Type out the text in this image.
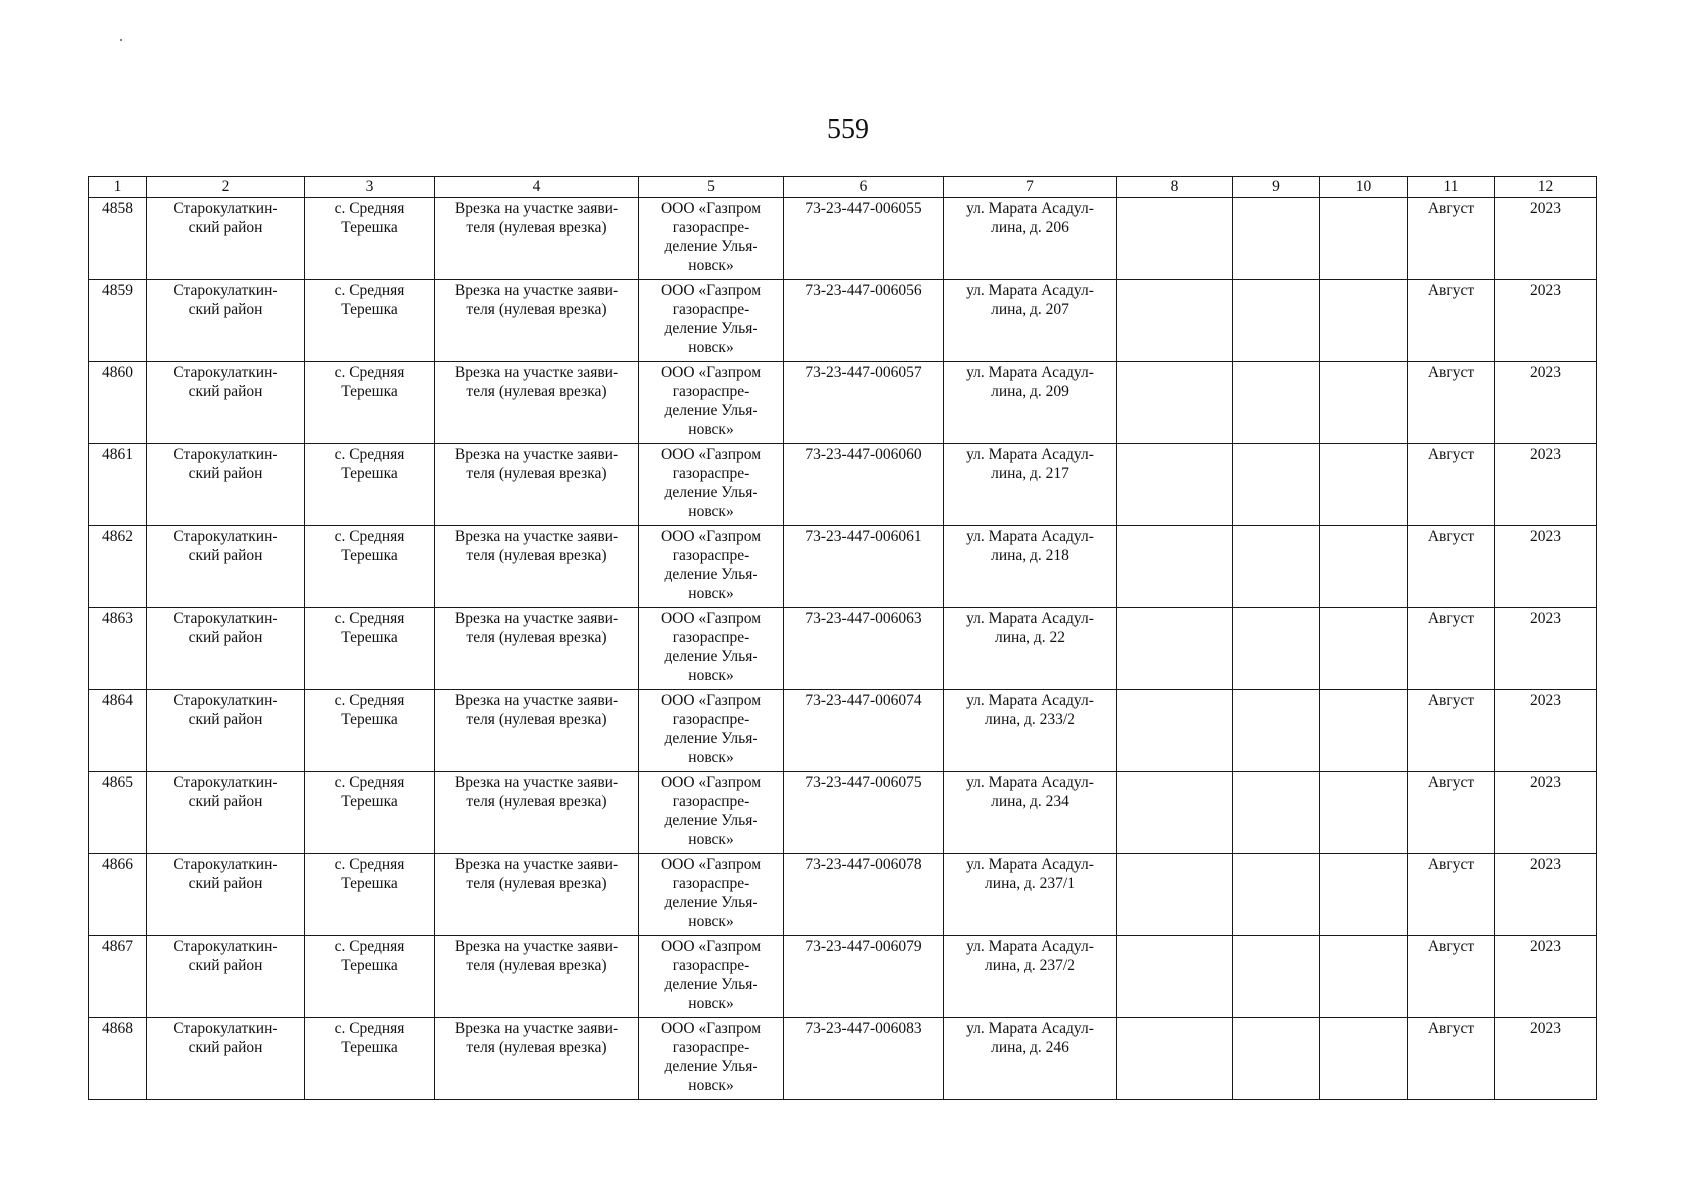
559
1	2	3	4	5	6	7	8	9	10	11	12

4858	Старокулаткин-
ский район	с. Средняя
Терешка	Врезка на участке заяви-
теля (нулевая врезка)	ООО «Газпром
газораспре-
деление Улья-
новск»	73-23-447-006055	ул. Марата Асадул-
лина, д. 206				Август	2023

4859	Старокулаткин-
ский район	с. Средняя
Терешка	Врезка на участке заяви-
теля (нулевая врезка)	ООО «Газпром
газораспре-
деление Улья-
новск»	73-23-447-006056	ул. Марата Асадул-
лина, д. 207				Август	2023

4860	Старокулаткин-
ский район	с. Средняя
Терешка	Врезка на участке заяви-
теля (нулевая врезка)	ООО «Газпром
газораспре-
деление Улья-
новск»	73-23-447-006057	ул. Марата Асадул-
лина, д. 209				Август	2023

4861	Старокулаткин-
ский район	с. Средняя
Терешка	Врезка на участке заяви-
теля (нулевая врезка)	ООО «Газпром
газораспре-
деление Улья-
новск»	73-23-447-006060	ул. Марата Асадул-
лина, д. 217				Август	2023

4862	Старокулаткин-
ский район	с. Средняя
Терешка	Врезка на участке заяви-
теля (нулевая врезка)	ООО «Газпром
газораспре-
деление Улья-
новск»	73-23-447-006061	ул. Марата Асадул-
лина, д. 218				Август	2023

4863	Старокулаткин-
ский район	с. Средняя
Терешка	Врезка на участке заяви-
теля (нулевая врезка)	ООО «Газпром
газораспре-
деление Улья-
новск»	73-23-447-006063	ул. Марата Асадул-
лина, д. 22				Август	2023

4864	Старокулаткин-
ский район	с. Средняя
Терешка	Врезка на участке заяви-
теля (нулевая врезка)	ООО «Газпром
газораспре-
деление Улья-
новск»	73-23-447-006074	ул. Марата Асадул-
лина, д. 233/2				Август	2023

4865	Старокулаткин-
ский район	с. Средняя
Терешка	Врезка на участке заяви-
теля (нулевая врезка)	ООО «Газпром
газораспре-
деление Улья-
новск»	73-23-447-006075	ул. Марата Асадул-
лина, д. 234				Август	2023

4866	Старокулаткин-
ский район	с. Средняя
Терешка	Врезка на участке заяви-
теля (нулевая врезка)	ООО «Газпром
газораспре-
деление Улья-
новск»	73-23-447-006078	ул. Марата Асадул-
лина, д. 237/1				Август	2023

4867	Старокулаткин-
ский район	с. Средняя
Терешка	Врезка на участке заяви-
теля (нулевая врезка)	ООО «Газпром
газораспре-
деление Улья-
новск»	73-23-447-006079	ул. Марата Асадул-
лина, д. 237/2				Август	2023

4868	Старокулаткин-
ский район	с. Средняя
Терешка	Врезка на участке заяви-
теля (нулевая врезка)	ООО «Газпром
газораспре-
деление Улья-
новск»	73-23-447-006083	ул. Марата Асадул-
лина, д. 246				Август	2023
